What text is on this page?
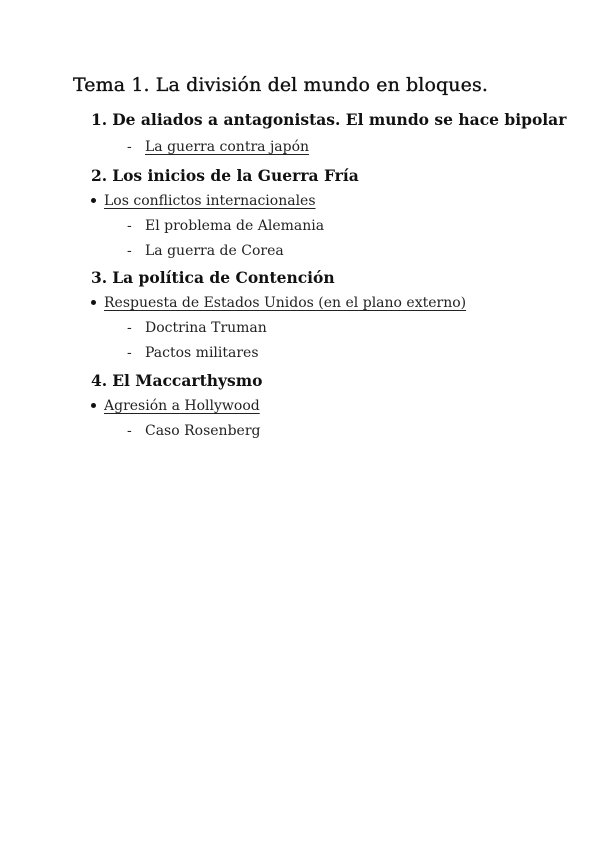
Tema 1. La división del mundo en bloques.
1. De aliados a antagonistas. El mundo se hace bipolar
- La guerra contra japón
2. Los inicios de la Guerra Fría
Los conflictos internacionales
- El problema de Alemania
- La guerra de Corea
3. La política de Contención
Respuesta de Estados Unidos (en el plano externo)
- Doctrina Truman
- Pactos militares
4. El Maccarthysmo
Agresión a Hollywood
- Caso Rosenberg
